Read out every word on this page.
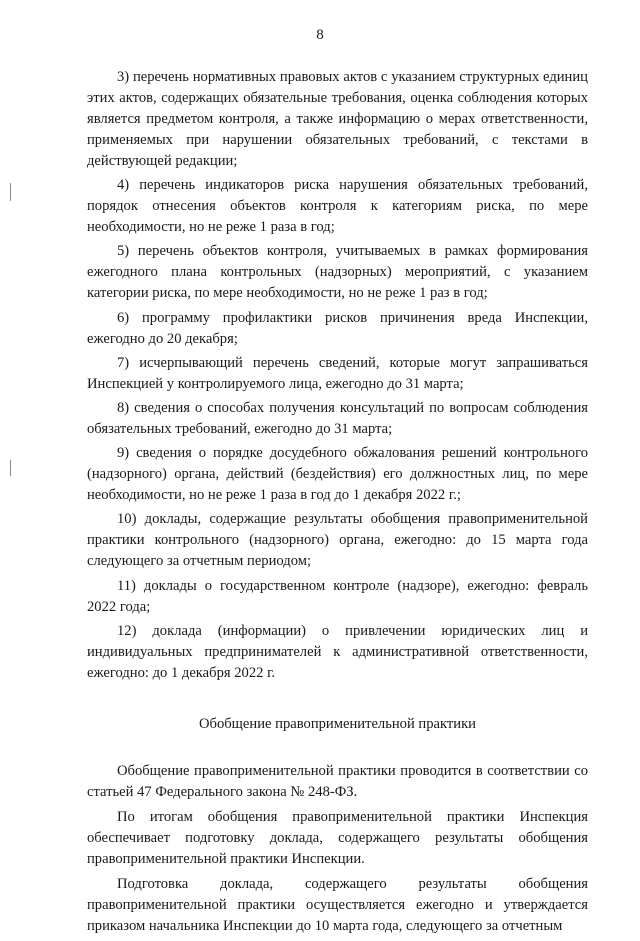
8

3) перечень нормативных правовых актов с указанием структурных единиц этих актов, содержащих обязательные требования, оценка соблюдения которых является предметом контроля, а также информацию о мерах ответственности, применяемых при нарушении обязательных требований, с текстами в действующей редакции;

4) перечень индикаторов риска нарушения обязательных требований, порядок отнесения объектов контроля к категориям риска, по мере необходимости, но не реже 1 раза в год;

5) перечень объектов контроля, учитываемых в рамках формирования ежегодного плана контрольных (надзорных) мероприятий, с указанием категории риска, по мере необходимости, но не реже 1 раз в год;

6) программу профилактики рисков причинения вреда Инспекции, ежегодно до 20 декабря;

7) исчерпывающий перечень сведений, которые могут запрашиваться Инспекцией у контролируемого лица, ежегодно до 31 марта;

8) сведения о способах получения консультаций по вопросам соблюдения обязательных требований, ежегодно до 31 марта;

9) сведения о порядке досудебного обжалования решений контрольного (надзорного) органа, действий (бездействия) его должностных лиц, по мере необходимости, но не реже 1 раза в год до 1 декабря 2022 г.;

10) доклады, содержащие результаты обобщения правоприменительной практики контрольного (надзорного) органа, ежегодно: до 15 марта года следующего за отчетным периодом;

11) доклады о государственном контроле (надзоре), ежегодно: февраль 2022 года;

12) доклада (информации) о привлечении юридических лиц и индивидуальных предпринимателей к административной ответственности, ежегодно: до 1 декабря 2022 г.

Обобщение правоприменительной практики

Обобщение правоприменительной практики проводится в соответствии со статьей 47 Федерального закона № 248-ФЗ.

По итогам обобщения правоприменительной практики Инспекция обеспечивает подготовку доклада, содержащего результаты обобщения правоприменительной практики Инспекции.

Подготовка доклада, содержащего результаты обобщения правоприменительной практики осуществляется ежегодно и утверждается приказом начальника Инспекции до 10 марта года, следующего за отчетным
